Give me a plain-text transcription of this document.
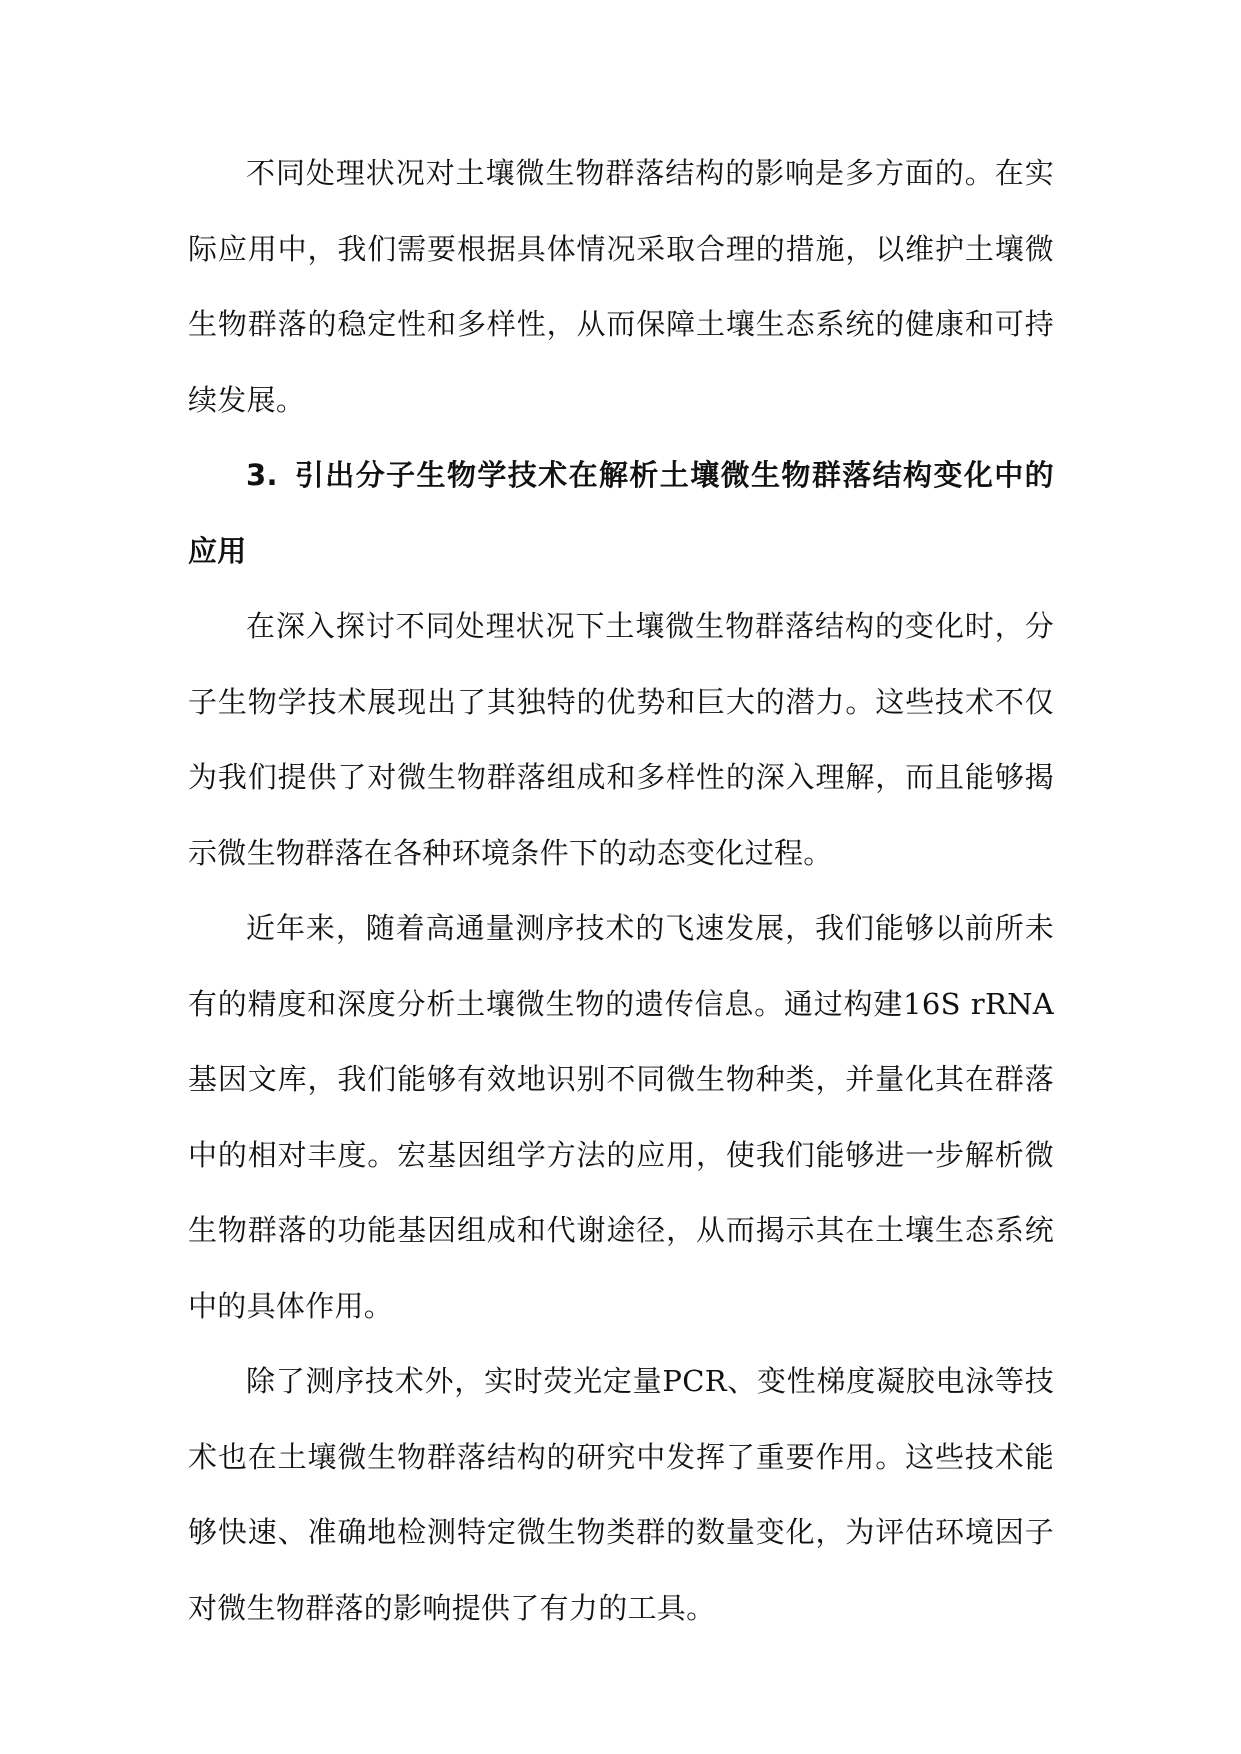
不同处理状况对土壤微生物群落结构的影响是多方面的。在实际应用中，我们需要根据具体情况采取合理的措施，以维护土壤微生物群落的稳定性和多样性，从而保障土壤生态系统的健康和可持续发展。

3. 引出分子生物学技术在解析土壤微生物群落结构变化中的应用

在深入探讨不同处理状况下土壤微生物群落结构的变化时，分子生物学技术展现出了其独特的优势和巨大的潜力。这些技术不仅为我们提供了对微生物群落组成和多样性的深入理解，而且能够揭示微生物群落在各种环境条件下的动态变化过程。

近年来，随着高通量测序技术的飞速发展，我们能够以前所未有的精度和深度分析土壤微生物的遗传信息。通过构建16S rRNA基因文库，我们能够有效地识别不同微生物种类，并量化其在群落中的相对丰度。宏基因组学方法的应用，使我们能够进一步解析微生物群落的功能基因组成和代谢途径，从而揭示其在土壤生态系统中的具体作用。

除了测序技术外，实时荧光定量PCR、变性梯度凝胶电泳等技术也在土壤微生物群落结构的研究中发挥了重要作用。这些技术能够快速、准确地检测特定微生物类群的数量变化，为评估环境因子对微生物群落的影响提供了有力的工具。
